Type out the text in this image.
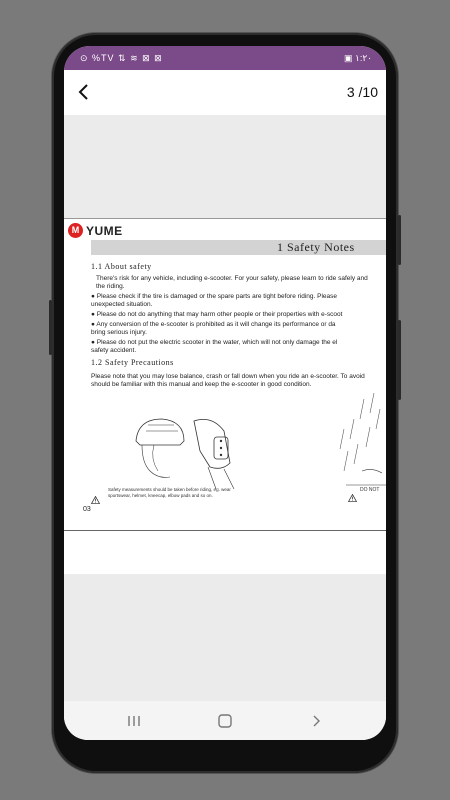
⊙ %TV ⇅ ≋ ⊠ ⊠	▣ ١:٢٠
3 /10
M YUME
1 Safety Notes
1.1 About safety
There's risk for any vehicle, including e-scooter. For your safety, please learn to ride safely and
the riding.
● Please check if the tire is damaged or the spare parts are tight before riding. Please
unexpected situation.
● Please do not do anything that may harm other people or their properties with e-scoot
● Any conversion of the e-scooter is prohibited as it will change its performance or da
bring serious injury.
● Please do not put the electric scooter in the water, which will not only damage the el
safety accident.
1.2 Safety Precautions
Please note that you may lose balance, crash or fall down when you ride an e-scooter. To avoid
should be familiar with this manual and keep the e-scooter in good condition.
Safety measurements should be taken before riding, eg. wear
sportswear, helmet, kneecap, elbow pads and so on.
DO NOT
03
